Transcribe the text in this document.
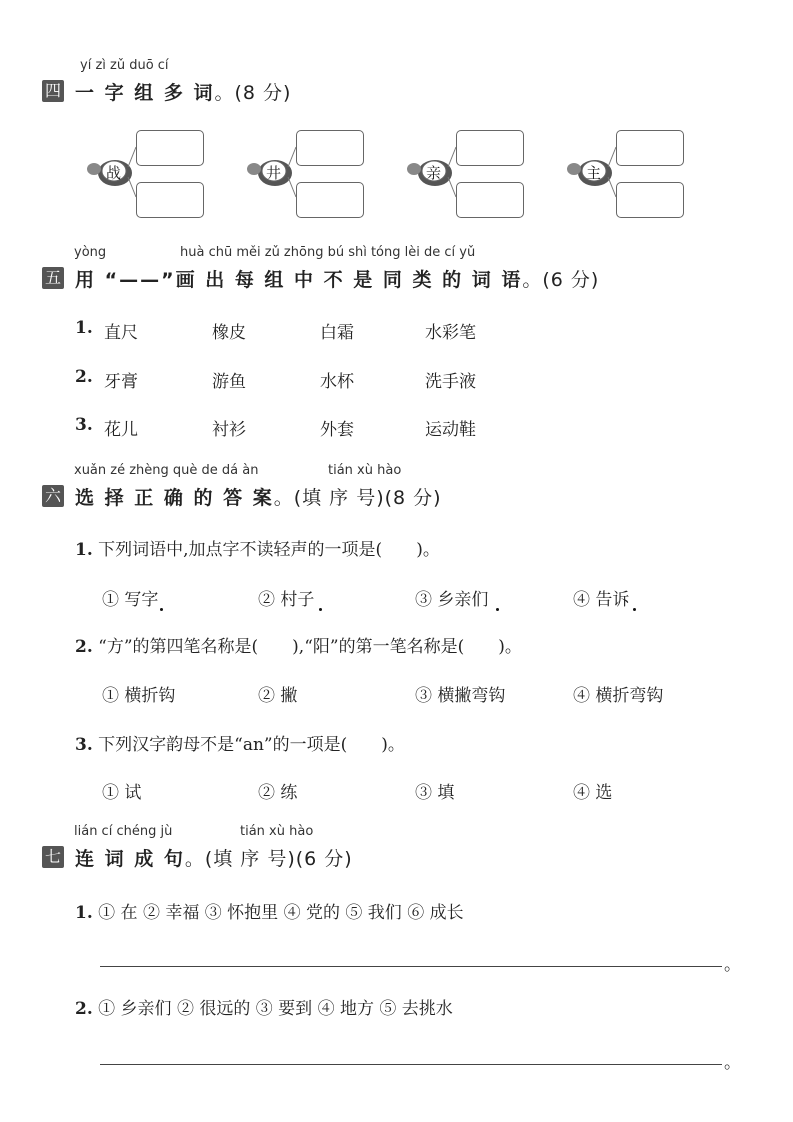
yí zì zǔ duō cí
四 一 字 组 多 词。(8 分)
战	井	亲	主
yòng	huà chū měi zǔ zhōng bú shì tóng lèi de cí yǔ
五 用 “——”画 出 每 组 中 不 是 同 类 的 词 语。(6 分)
1. 直尺	橡皮	白霜	水彩笔
2. 牙膏	游鱼	水杯	洗手液
3. 花儿	衬衫	外套	运动鞋
xuǎn zé zhèng què de dá àn	tián xù hào
六 选 择 正 确 的 答 案。(填 序 号)(8 分)
1. 下列词语中,加点字不读轻声的一项是(　　)。
① 写字	② 村子	③ 乡亲们	④ 告诉
2. “方”的第四笔名称是(　　),“阳”的第一笔名称是(　　)。
① 横折钩	② 撇	③ 横撇弯钩	④ 横折弯钩
3. 下列汉字韵母不是“an”的一项是(　　)。
① 试	② 练	③ 填	④ 选
lián cí chéng jù	tián xù hào
七 连 词 成 句。(填 序 号)(6 分)
1. ① 在 ② 幸福 ③ 怀抱里 ④ 党的 ⑤ 我们 ⑥ 成长
。
2. ① 乡亲们 ② 很远的 ③ 要到 ④ 地方 ⑤ 去挑水
。
